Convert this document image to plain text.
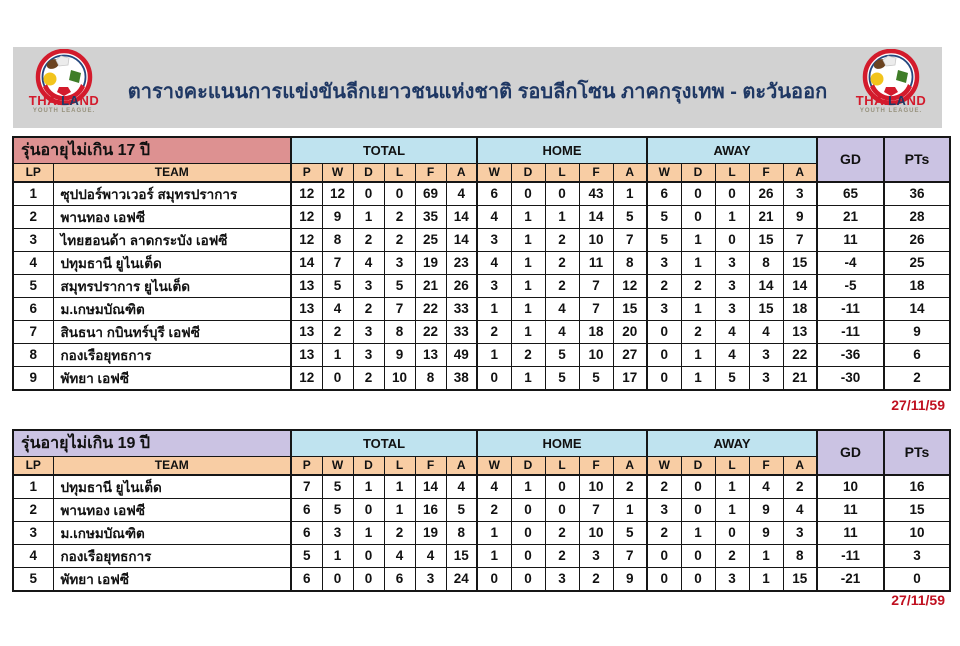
THAILAND
YOUTH LEAGUE.
ตารางคะแนนการแข่งขันลีกเยาวชนแห่งชาติ รอบลีกโซน ภาคกรุงเทพ - ตะวันออก	THAILAND
YOUTH LEAGUE.
รุ่นอายุไม่เกิน 17 ปี		TOTAL						HOME					AWAY					GD	PTs
LP	TEAM	P	W	D	L	F	A	W	D	L	F	A	W	D	L	F	A		
1	ซุปปอร์พาวเวอร์ สมุทรปราการ	12	12	0	0	69	4	6	0	0	43	1	6	0	0	26	3	65	36
2	พานทอง เอฟซี	12	9	1	2	35	14	4	1	1	14	5	5	0	1	21	9	21	28
3	ไทยฮอนด้า ลาดกระบัง เอฟซี	12	8	2	2	25	14	3	1	2	10	7	5	1	0	15	7	11	26
4	ปทุมธานี ยูไนเต็ด	14	7	4	3	19	23	4	1	2	11	8	3	1	3	8	15	-4	25
5	สมุทรปราการ ยูไนเต็ด	13	5	3	5	21	26	3	1	2	7	12	2	2	3	14	14	-5	18
6	ม.เกษมบัณฑิต	13	4	2	7	22	33	1	1	4	7	15	3	1	3	15	18	-11	14
7	สินธนา กบินทร์บุรี เอฟซี	13	2	3	8	22	33	2	1	4	18	20	0	2	4	4	13	-11	9
8	กองเรือยุทธการ	13	1	3	9	13	49	1	2	5	10	27	0	1	4	3	22	-36	6
9	พัทยา เอฟซี	12	0	2	10	8	38	0	1	5	5	17	0	1	5	3	21	-30	2
27/11/59
รุ่นอายุไม่เกิน 19 ปี		TOTAL						HOME					AWAY					GD	PTs
LP	TEAM	P	W	D	L	F	A	W	D	L	F	A	W	D	L	F	A		
1	ปทุมธานี ยูไนเต็ด	7	5	1	1	14	4	4	1	0	10	2	2	0	1	4	2	10	16
2	พานทอง เอฟซี	6	5	0	1	16	5	2	0	0	7	1	3	0	1	9	4	11	15
3	ม.เกษมบัณฑิต	6	3	1	2	19	8	1	0	2	10	5	2	1	0	9	3	11	10
4	กองเรือยุทธการ	5	1	0	4	4	15	1	0	2	3	7	0	0	2	1	8	-11	3
5	พัทยา เอฟซี	6	0	0	6	3	24	0	0	3	2	9	0	0	3	1	15	-21	0
27/11/59
